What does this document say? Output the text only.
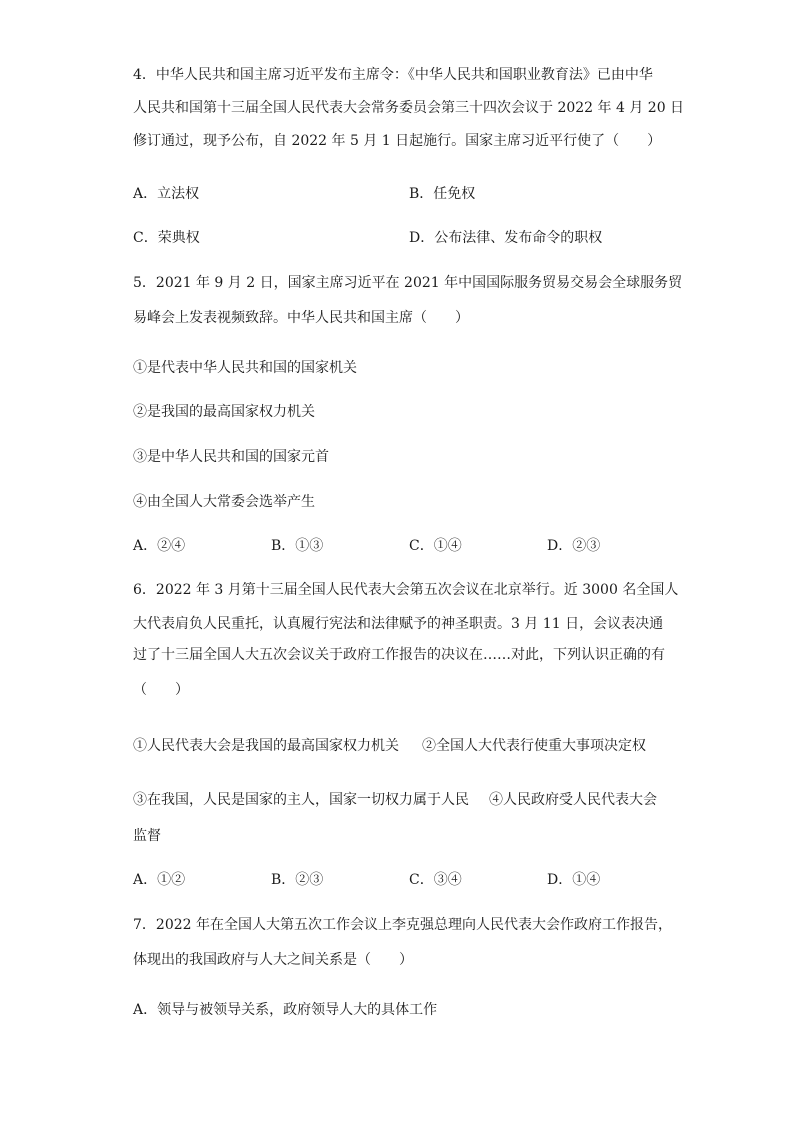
4．中华人民共和国主席习近平发布主席令：《中华人民共和国职业教育法》已由中华
人民共和国第十三届全国人民代表大会常务委员会第三十四次会议于 2022 年 4 月 20 日
修订通过，现予公布，自 2022 年 5 月 1 日起施行。国家主席习近平行使了（　　）
A．立法权	B．任免权
C．荣典权	D．公布法律、发布命令的职权
5．2021 年 9 月 2 日，国家主席习近平在 2021 年中国国际服务贸易交易会全球服务贸
易峰会上发表视频致辞。中华人民共和国主席（　　）
①是代表中华人民共和国的国家机关
②是我国的最高国家权力机关
③是中华人民共和国的国家元首
④由全国人大常委会选举产生
A．②④	B．①③	C．①④	D．②③
6．2022 年 3 月第十三届全国人民代表大会第五次会议在北京举行。近 3000 名全国人
大代表肩负人民重托，认真履行宪法和法律赋予的神圣职责。3 月 11 日，会议表决通
过了十三届全国人大五次会议关于政府工作报告的决议在……对此，下列认识正确的有
（　　）
①人民代表大会是我国的最高国家权力机关 ②全国人大代表行使重大事项决定权
③在我国，人民是国家的主人，国家一切权力属于人民 ④人民政府受人民代表大会
监督
A．①②	B．②③	C．③④	D．①④
7．2022 年在全国人大第五次工作会议上李克强总理向人民代表大会作政府工作报告，
体现出的我国政府与人大之间关系是（　　）
A．领导与被领导关系，政府领导人大的具体工作
